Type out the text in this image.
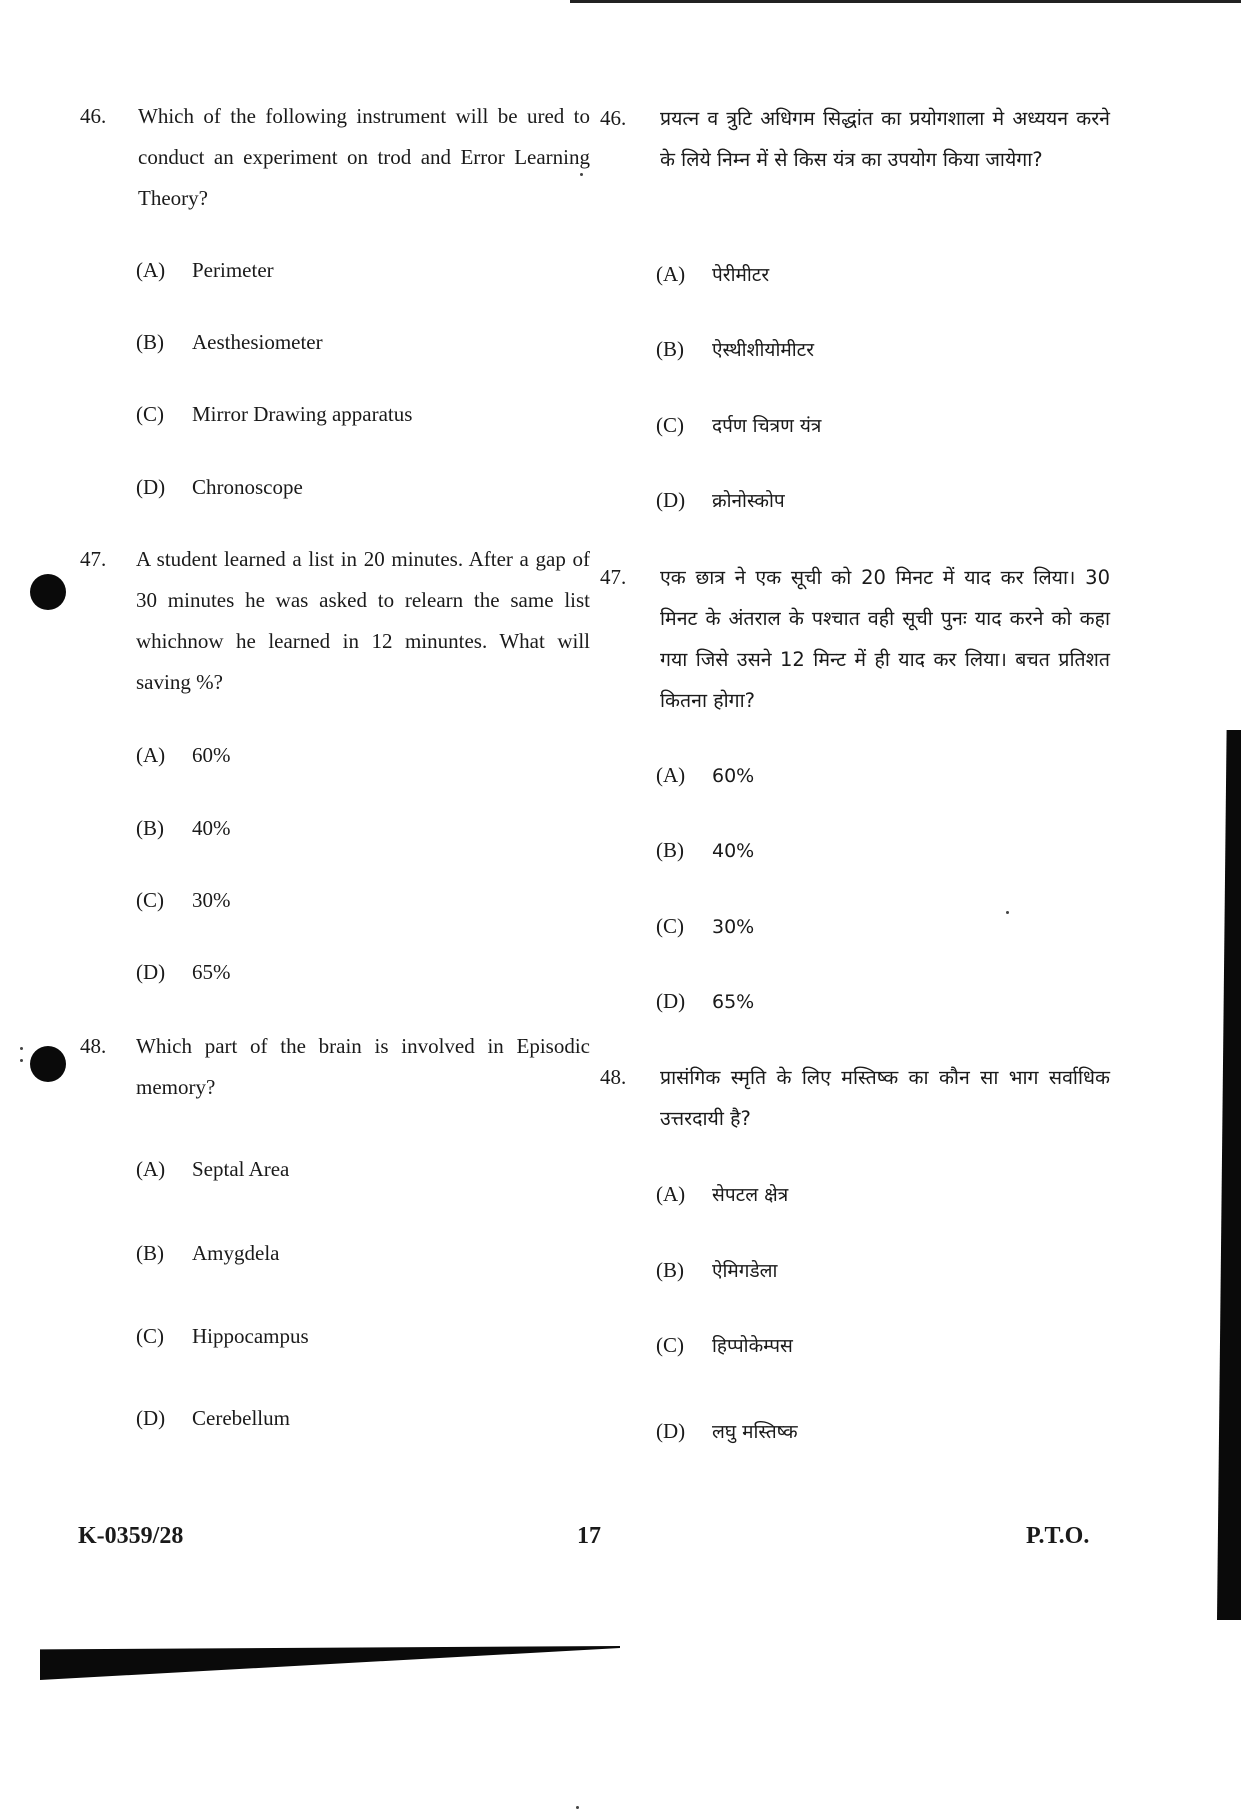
46. Which of the following instrument will be ured to conduct an experiment on trod and Error Learning Theory?
(A) Perimeter
(B) Aesthesiometer
(C) Mirror Drawing apparatus
(D) Chronoscope
47. A student learned a list in 20 minutes. After a gap of 30 minutes he was asked to relearn the same list whichnow he learned in 12 minuntes. What will saving %?
(A) 60%
(B) 40%
(C) 30%
(D) 65%
48. Which part of the brain is involved in Episodic memory?
(A) Septal Area
(B) Amygdela
(C) Hippocampus
(D) Cerebellum
46. प्रयत्न व त्रुटि अधिगम सिद्धांत का प्रयोगशाला मे अध्ययन करने के लिये निम्न में से किस यंत्र का उपयोग किया जायेगा?
(A) पेरीमीटर
(B) ऐस्थीशीयोमीटर
(C) दर्पण चित्रण यंत्र
(D) क्रोनोस्कोप
47. एक छात्र ने एक सूची को 20 मिनट में याद कर लिया। 30 मिनट के अंतराल के पश्चात वही सूची पुनः याद करने को कहा गया जिसे उसने 12 मिन्ट में ही याद कर लिया। बचत प्रतिशत कितना होगा?
(A) 60%
(B) 40%
(C) 30%
(D) 65%
48. प्रासंगिक स्मृति के लिए मस्तिष्क का कौन सा भाग सर्वाधिक उत्तरदायी है?
(A) सेपटल क्षेत्र
(B) ऐमिगडेला
(C) हिप्पोकेम्पस
(D) लघु मस्तिष्क
K-0359/28	17	P.T.O.
